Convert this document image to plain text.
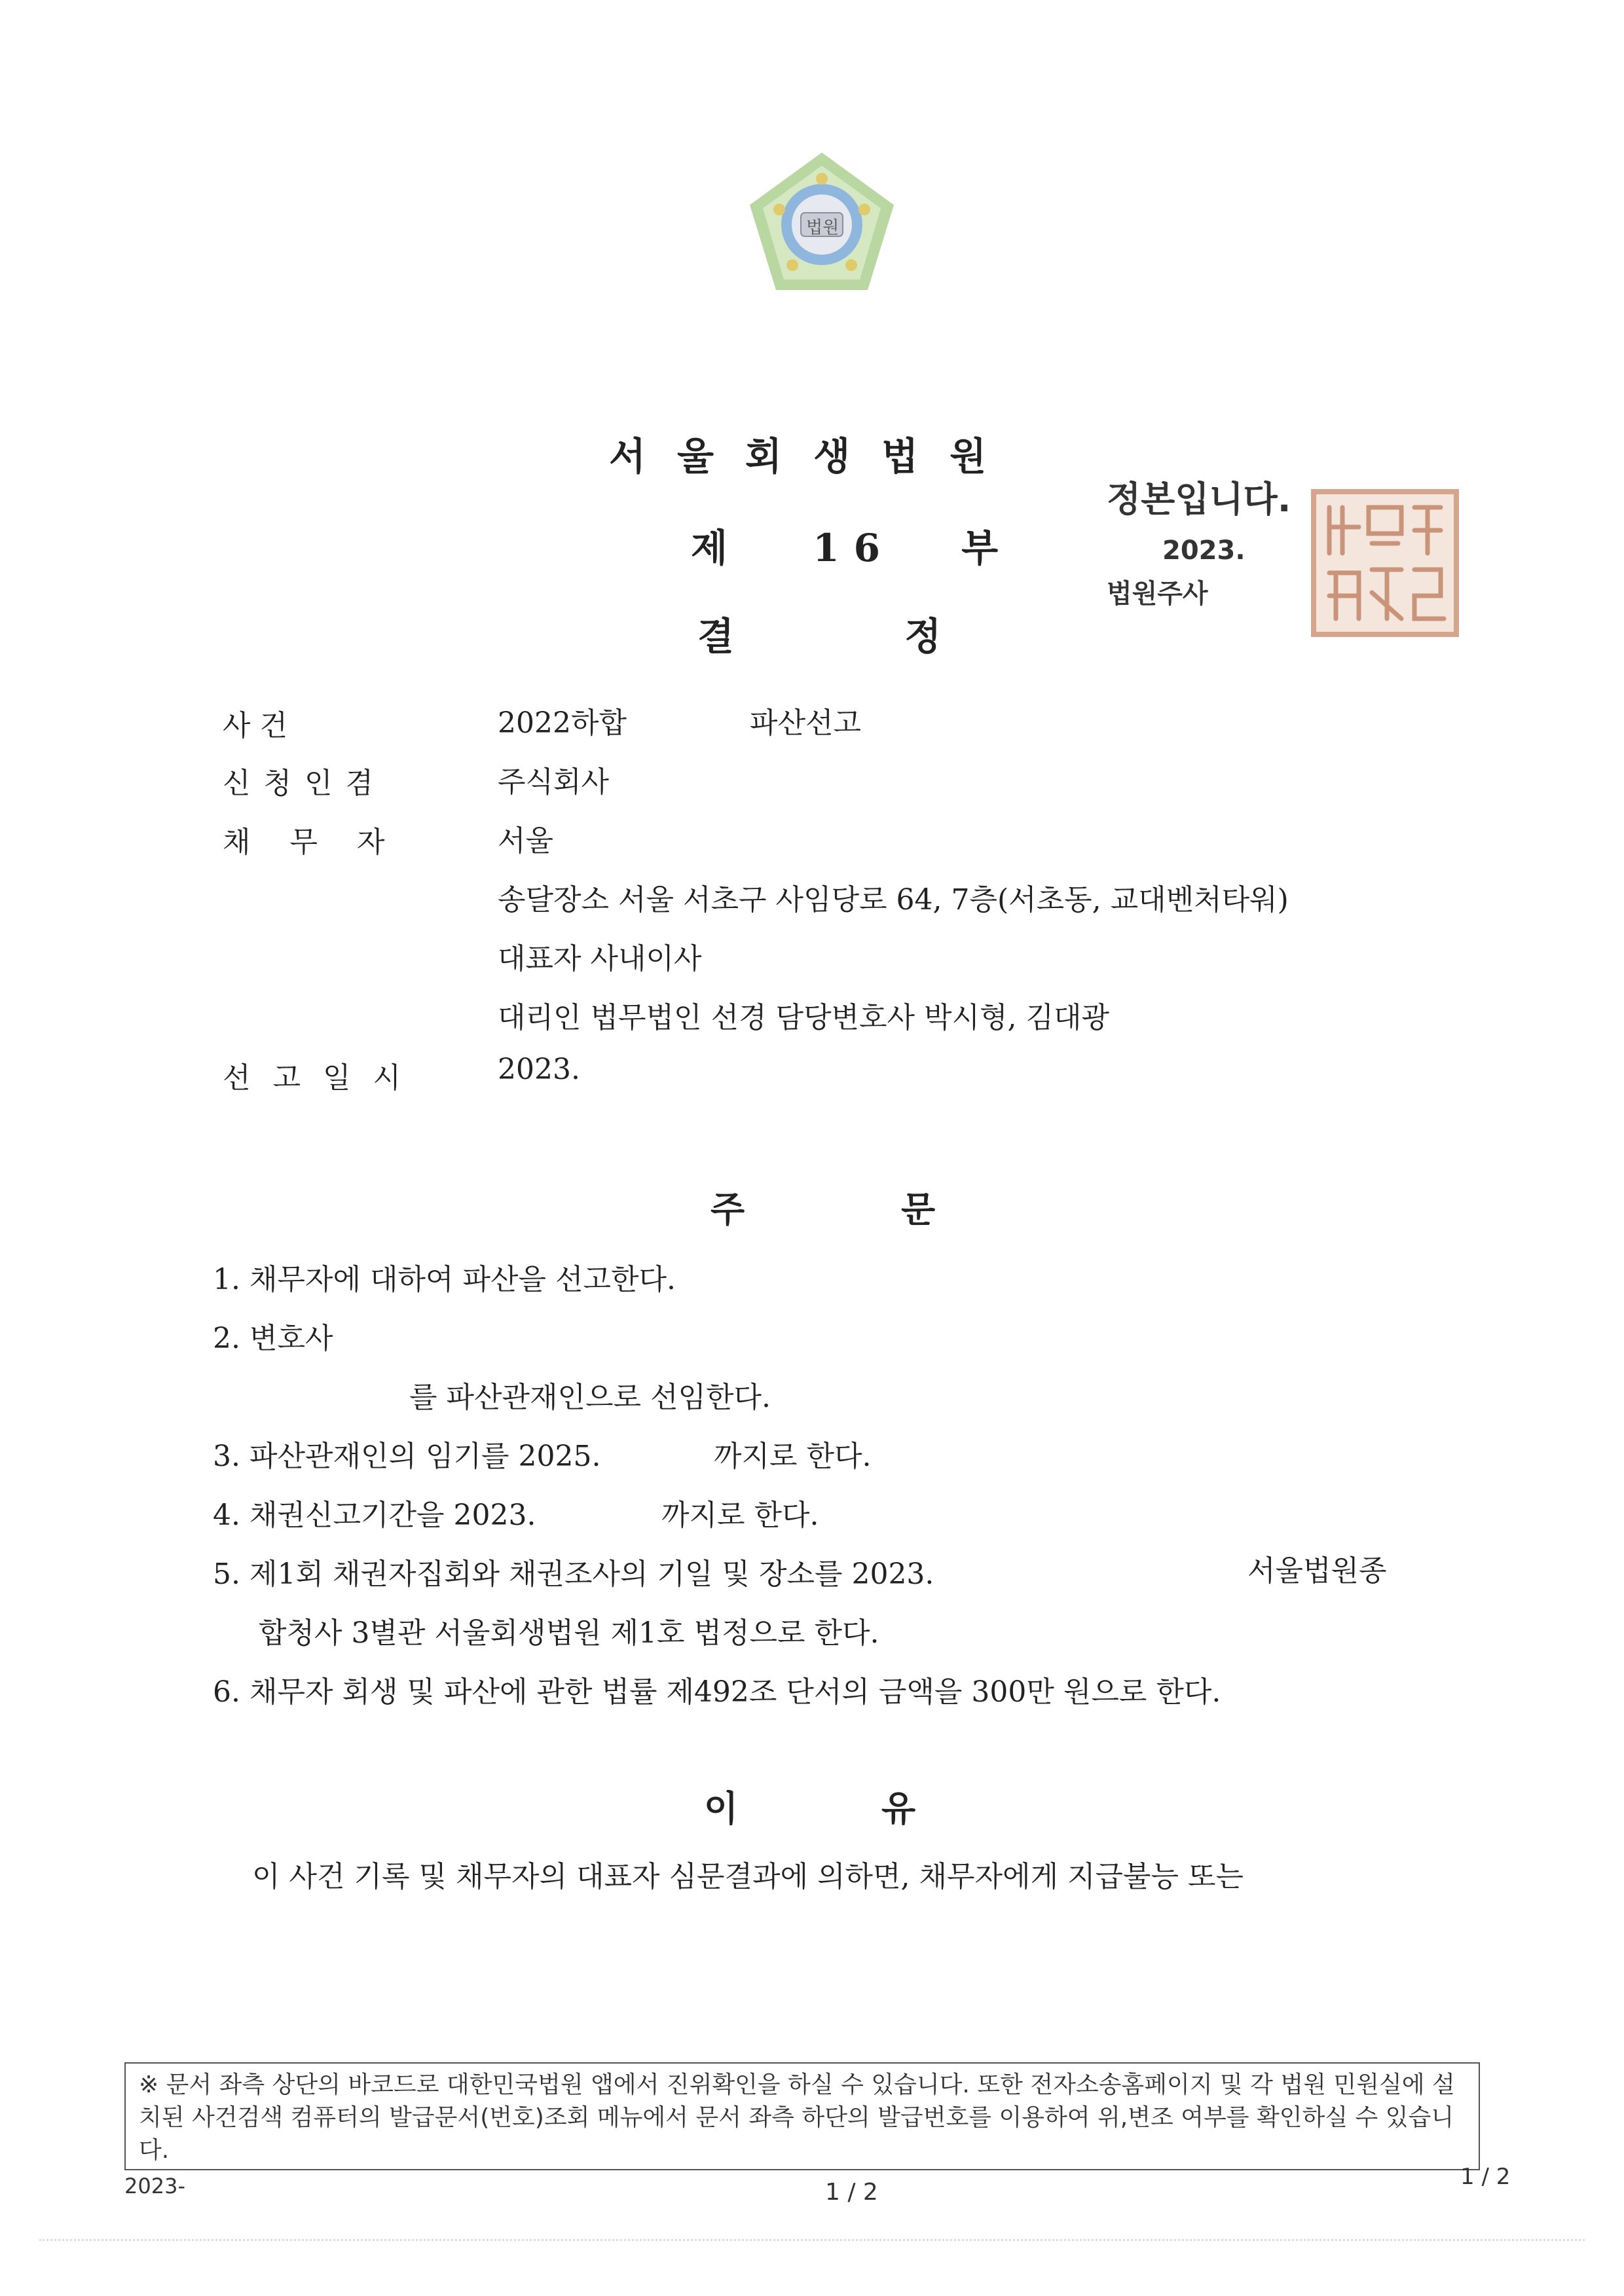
법원
서울회생법원
제 16 부
결	정
정본입니다.
2023.
법원주사
사 건	2022하합	파산선고
신청인겸	주식회사
채 무 자	서울
송달장소 서울 서초구 사임당로 64, 7층(서초동, 교대벤처타워)
대표자 사내이사
대리인 법무법인 선경 담당변호사 박시형, 김대광
선 고 일 시	2023.
주	문
1. 채무자에 대하여 파산을 선고한다.
2. 변호사
를 파산관재인으로 선임한다.
3. 파산관재인의 임기를 2025.	까지로 한다.
4. 채권신고기간을 2023.	까지로 한다.
5. 제1회 채권자집회와 채권조사의 기일 및 장소를 2023.	서울법원종
합청사 3별관 서울회생법원 제1호 법정으로 한다.
6. 채무자 회생 및 파산에 관한 법률 제492조 단서의 금액을 300만 원으로 한다.
이	유
이 사건 기록 및 채무자의 대표자 심문결과에 의하면, 채무자에게 지급불능 또는
※ 문서 좌측 상단의 바코드로 대한민국법원 앱에서 진위확인을 하실 수 있습니다. 또한 전자소송홈페이지 및 각 법원 민원실에 설치된 사건검색 컴퓨터의 발급문서(번호)조회 메뉴에서 문서 좌측 하단의 발급번호를 이용하여 위,변조 여부를 확인하실 수 있습니다.
2023-	1 / 2
1 / 2
